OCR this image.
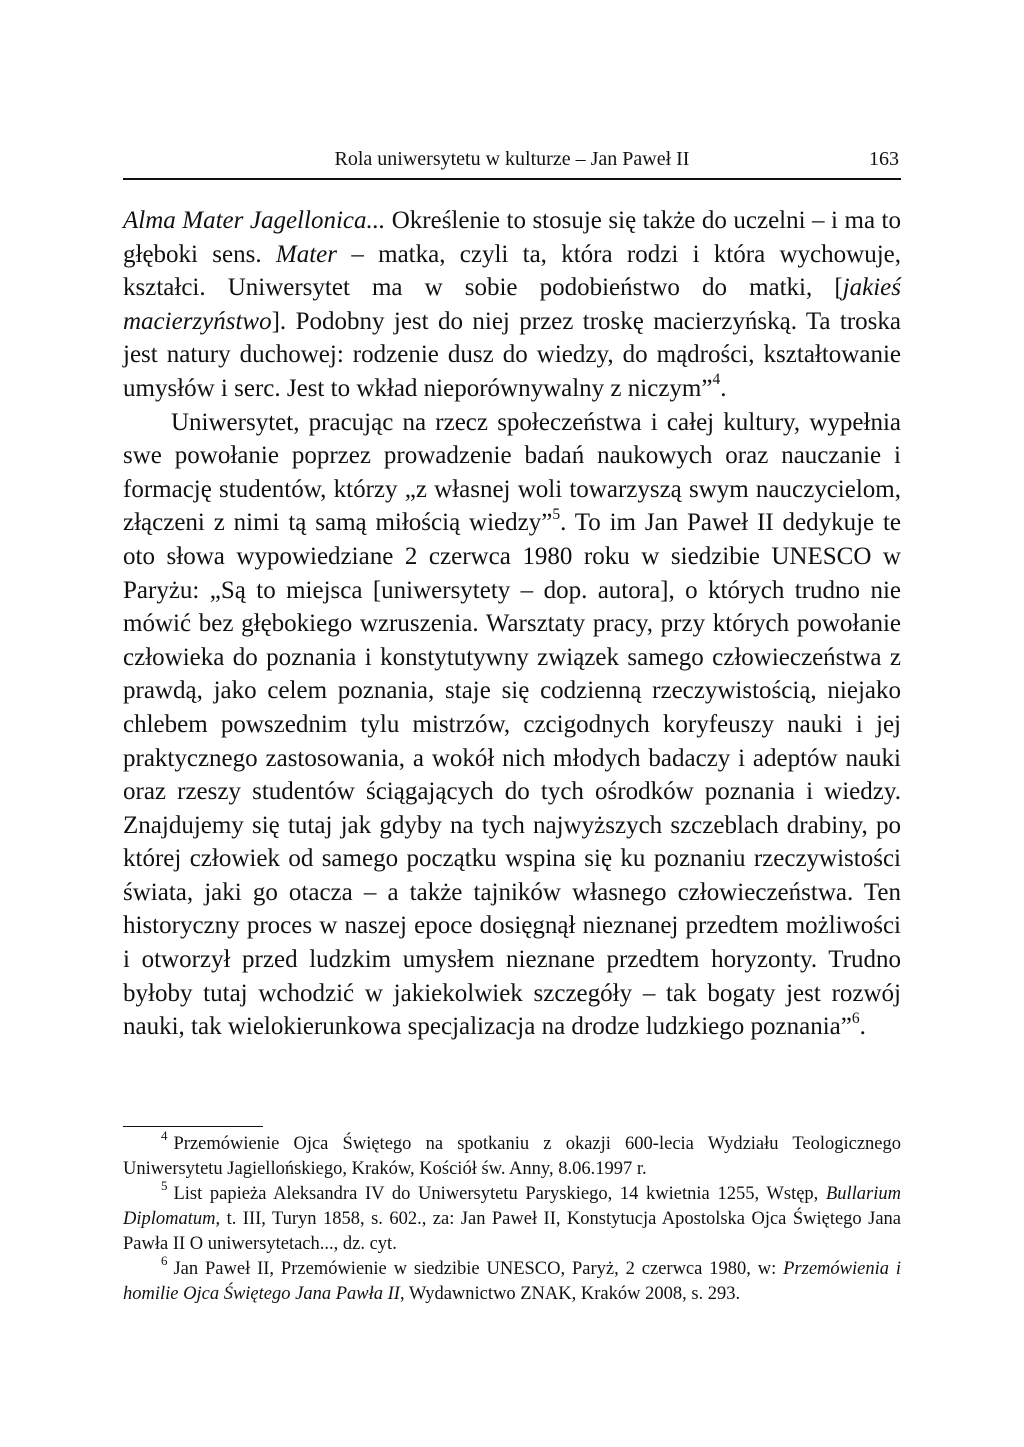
Rola uniwersytetu w kulturze – Jan Paweł II	163

Alma Mater Jagellonica... Określenie to stosuje się także do uczelni – i ma to głęboki sens. Mater – matka, czyli ta, która rodzi i która wychowuje, kształci. Uniwersytet ma w sobie podobieństwo do matki, [jakieś macierzyństwo]. Podobny jest do niej przez troskę macierzyńską. Ta troska jest natury duchowej: rodzenie dusz do wiedzy, do mądrości, kształtowanie umysłów i serc. Jest to wkład nieporównywalny z niczym”$^4$.

Uniwersytet, pracując na rzecz społeczeństwa i całej kultury, wypełnia swe powołanie poprzez prowadzenie badań naukowych oraz nauczanie i formację studentów, którzy „z własnej woli towarzyszą swym nauczycielom, złączeni z nimi tą samą miłością wiedzy”$^5$. To im Jan Paweł II dedykuje te oto słowa wypowiedziane 2 czerwca 1980 roku w siedzibie UNESCO w Paryżu: „Są to miejsca [uniwersytety – dop. autora], o których trudno nie mówić bez głębokiego wzruszenia. Warsztaty pracy, przy których powołanie człowieka do poznania i konstytutywny związek samego człowieczeństwa z prawdą, jako celem poznania, staje się codzienną rzeczywistością, niejako chlebem powszednim tylu mistrzów, czcigodnych koryfeuszy nauki i jej praktycznego zastosowania, a wokół nich młodych badaczy i adeptów nauki oraz rzeszy studentów ściągających do tych ośrodków poznania i wiedzy. Znajdujemy się tutaj jak gdyby na tych najwyższych szczeblach drabiny, po której człowiek od samego początku wspina się ku poznaniu rzeczywistości świata, jaki go otacza – a także tajników własnego człowieczeństwa. Ten historyczny proces w naszej epoce dosięgnął nieznanej przedtem możliwości i otworzył przed ludzkim umysłem nieznane przedtem horyzonty. Trudno byłoby tutaj wchodzić w jakiekolwiek szczegóły – tak bogaty jest rozwój nauki, tak wielokierunkowa specjalizacja na drodze ludzkiego poznania”$^6$.

$^4$ Przemówienie Ojca Świętego na spotkaniu z okazji 600-lecia Wydziału Teologicznego Uniwersytetu Jagiellońskiego, Kraków, Kościół św. Anny, 8.06.1997 r.

$^5$ List papieża Aleksandra IV do Uniwersytetu Paryskiego, 14 kwietnia 1255, Wstęp, Bullarium Diplomatum, t. III, Turyn 1858, s. 602., za: Jan Paweł II, Konstytucja Apostolska Ojca Świętego Jana Pawła II O uniwersytetach..., dz. cyt.

$^6$ Jan Paweł II, Przemówienie w siedzibie UNESCO, Paryż, 2 czerwca 1980, w: Przemówienia i homilie Ojca Świętego Jana Pawła II, Wydawnictwo ZNAK, Kraków 2008, s. 293.
